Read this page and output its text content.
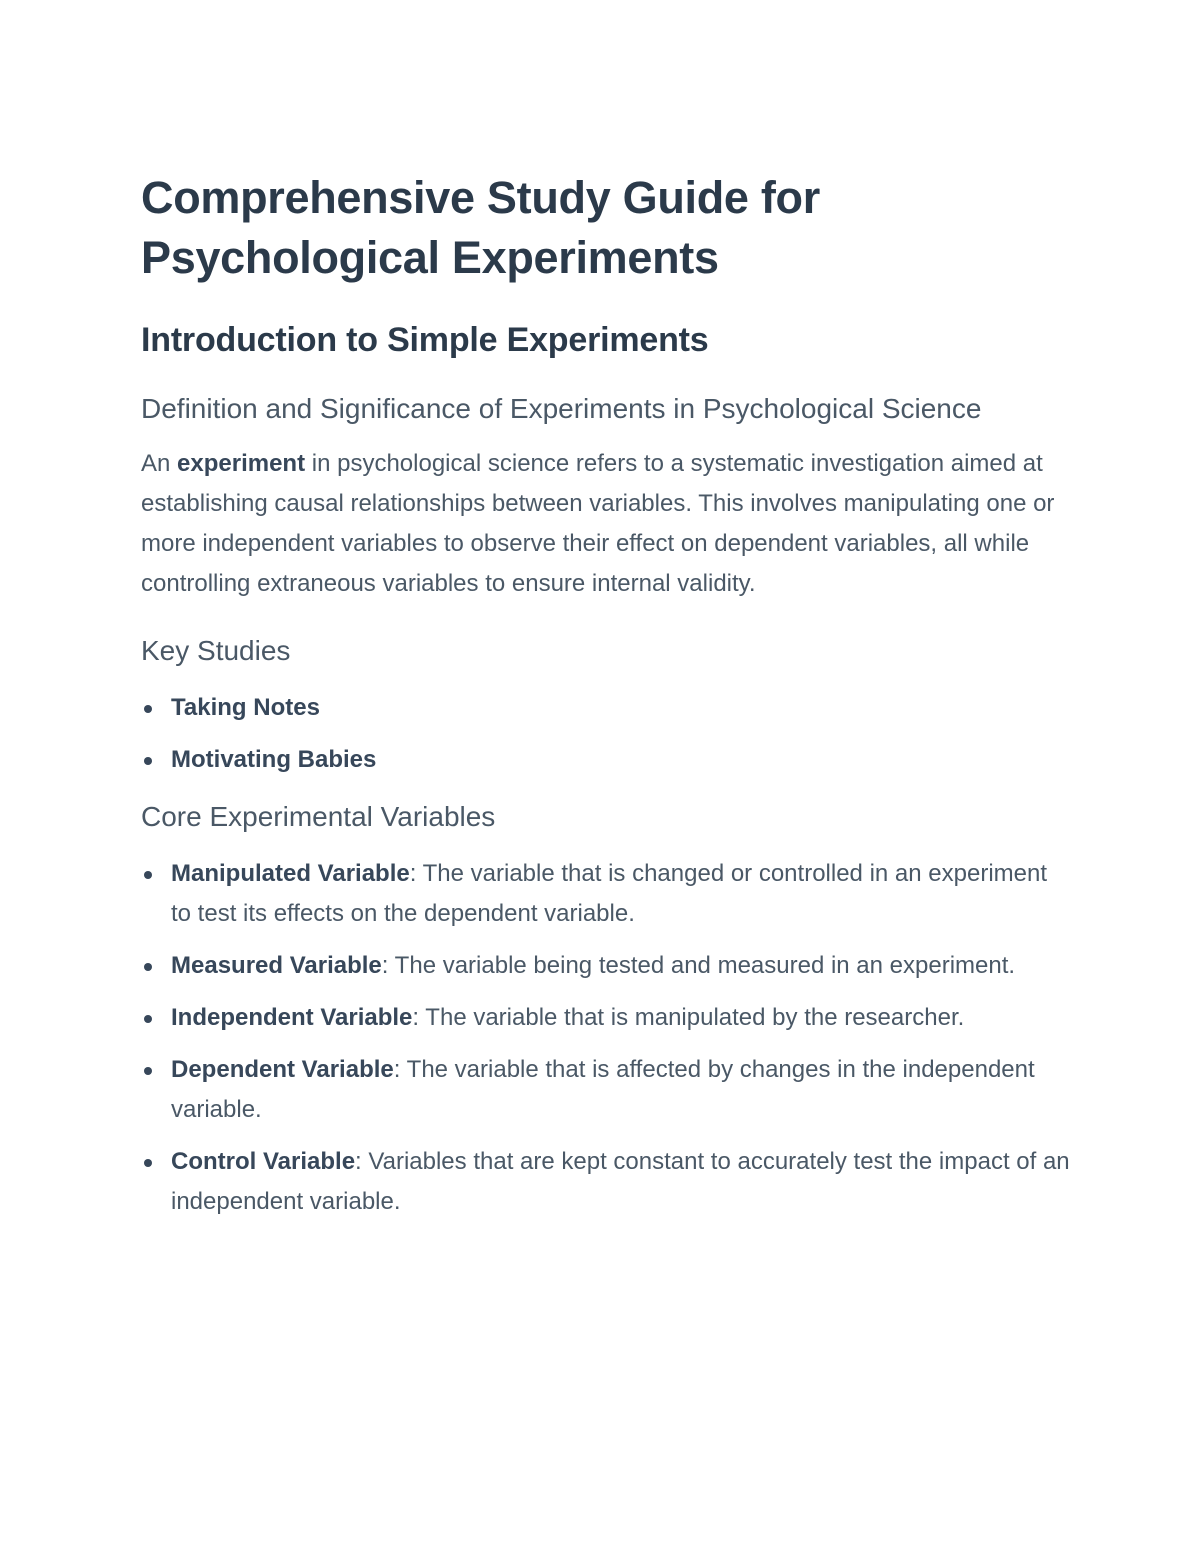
Comprehensive Study Guide for Psychological Experiments
Introduction to Simple Experiments
Definition and Significance of Experiments in Psychological Science

An experiment in psychological science refers to a systematic investigation aimed at establishing causal relationships between variables. This involves manipulating one or more independent variables to observe their effect on dependent variables, all while controlling extraneous variables to ensure internal validity.

Key Studies
Taking Notes
Motivating Babies
Core Experimental Variables
Manipulated Variable: The variable that is changed or controlled in an experiment to test its effects on the dependent variable.
Measured Variable: The variable being tested and measured in an experiment.
Independent Variable: The variable that is manipulated by the researcher.
Dependent Variable: The variable that is affected by changes in the independent variable.
Control Variable: Variables that are kept constant to accurately test the impact of an independent variable.
